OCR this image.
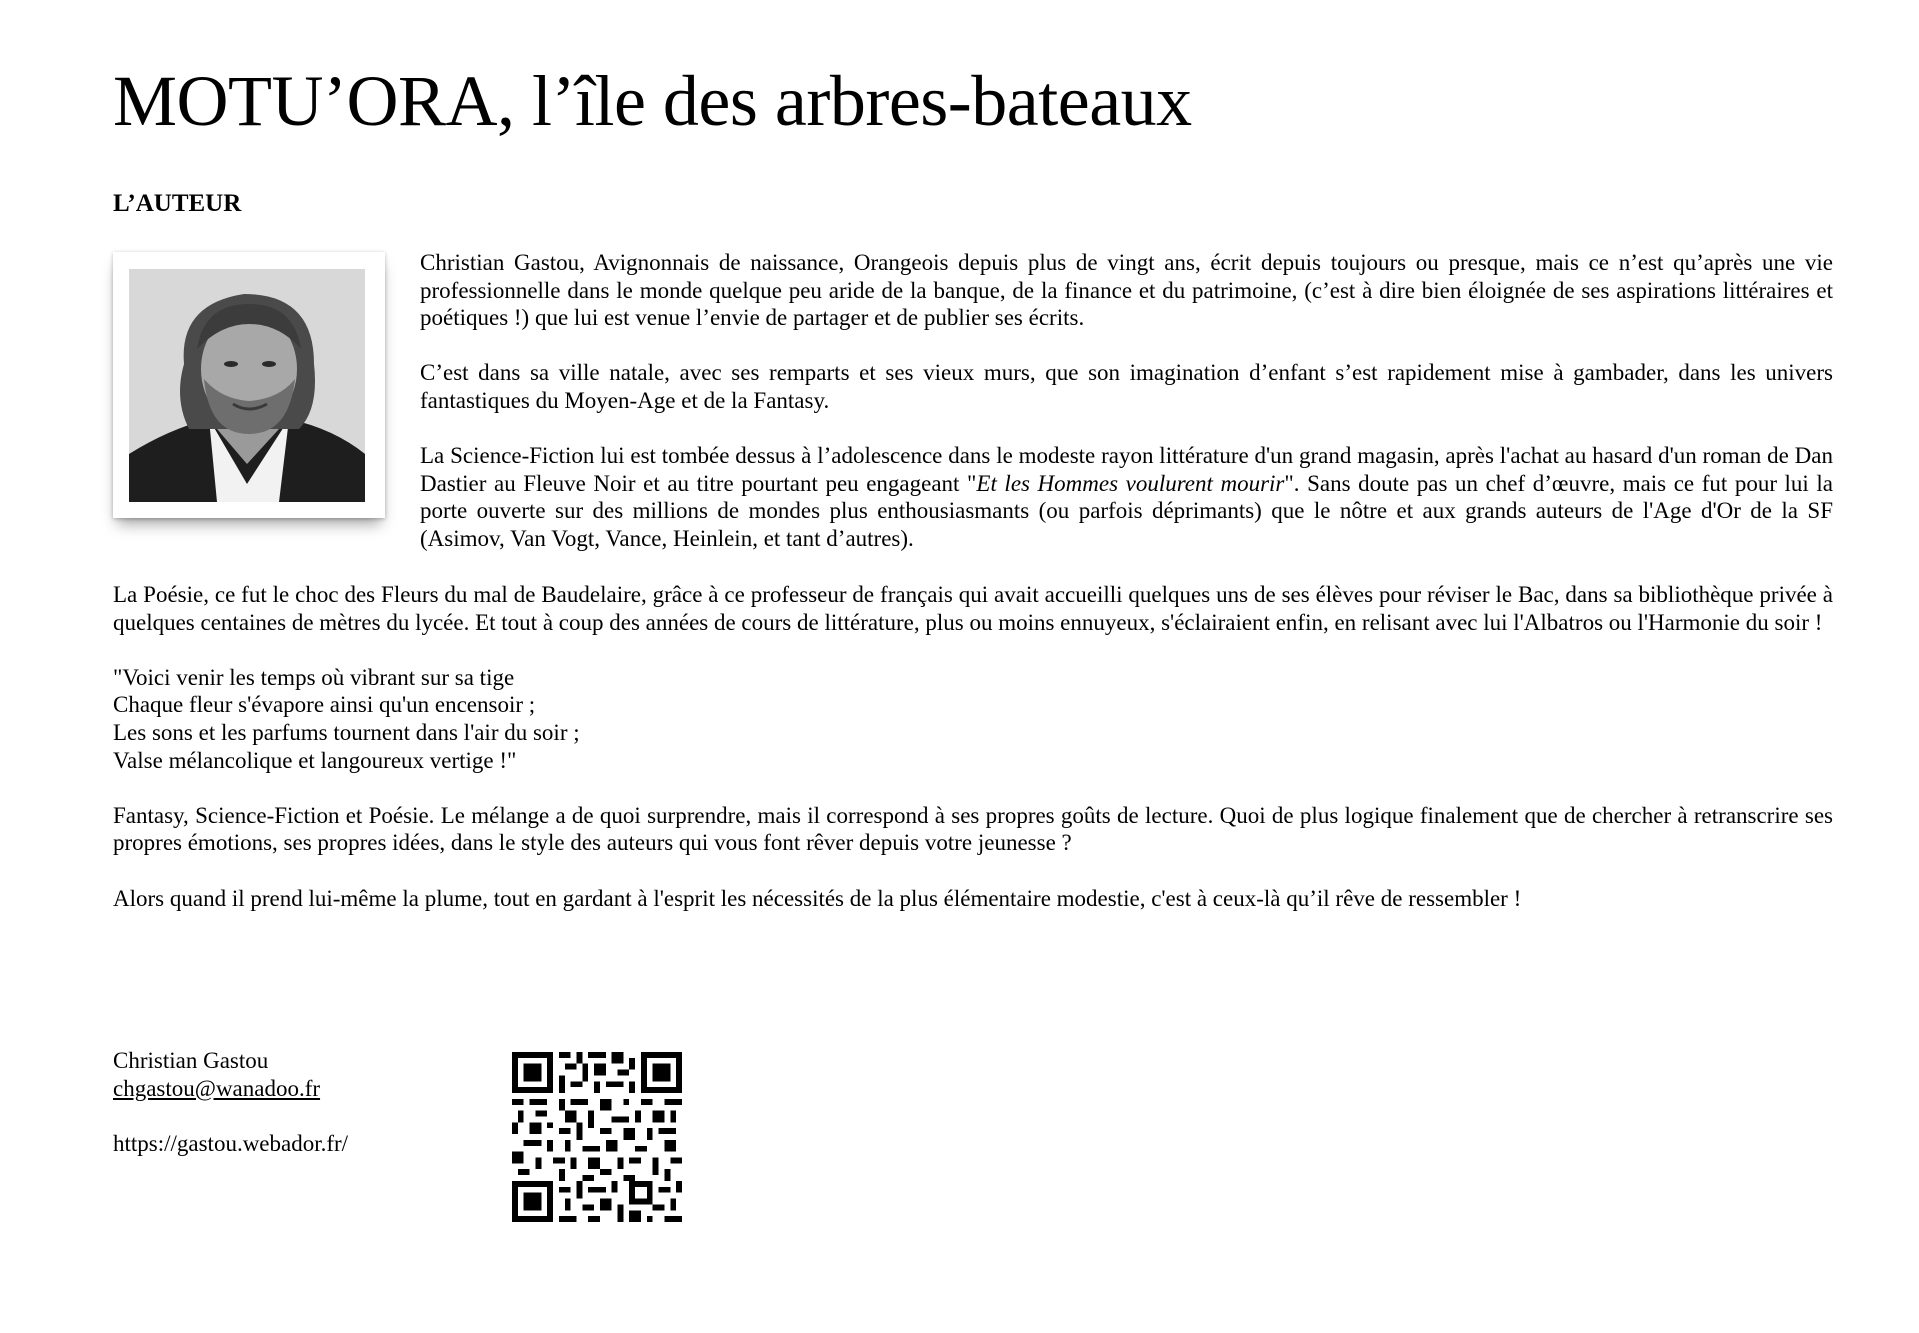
MOTU’ORA, l’île des arbres-bateaux
L’AUTEUR

Christian Gastou, Avignonnais de naissance, Orangeois depuis plus de vingt ans, écrit depuis toujours ou presque, mais ce n’est qu’après une vie professionnelle dans le monde quelque peu aride de la banque, de la finance et du patrimoine, (c’est à dire bien éloignée de ses aspirations littéraires et poétiques !) que lui est venue l’envie de partager et de publier ses écrits.

C’est dans sa ville natale, avec ses remparts et ses vieux murs, que son imagination d’enfant s’est rapidement mise à gambader, dans les univers fantastiques du Moyen-Age et de la Fantasy.

La Science-Fiction lui est tombée dessus à l’adolescence dans le modeste rayon littérature d'un grand magasin, après l'achat au hasard d'un roman de Dan Dastier au Fleuve Noir et au titre pourtant peu engageant "Et les Hommes voulurent mourir". Sans doute pas un chef d’œuvre, mais ce fut pour lui la porte ouverte sur des millions de mondes plus enthousiasmants (ou parfois déprimants) que le nôtre et aux grands auteurs de l'Age d'Or de la SF (Asimov, Van Vogt, Vance, Heinlein, et tant d’autres).

La Poésie, ce fut le choc des Fleurs du mal de Baudelaire, grâce à ce professeur de français qui avait accueilli quelques uns de ses élèves pour réviser le Bac, dans sa bibliothèque privée à quelques centaines de mètres du lycée. Et tout à coup des années de cours de littérature, plus ou moins ennuyeux, s'éclairaient enfin, en relisant avec lui l'Albatros ou l'Harmonie du soir !

"Voici venir les temps où vibrant sur sa tige
Chaque fleur s'évapore ainsi qu'un encensoir ;
Les sons et les parfums tournent dans l'air du soir ;
Valse mélancolique et langoureux vertige !"

Fantasy, Science-Fiction et Poésie. Le mélange a de quoi surprendre, mais il correspond à ses propres goûts de lecture. Quoi de plus logique finalement que de chercher à retranscrire ses propres émotions, ses propres idées, dans le style des auteurs qui vous font rêver depuis votre jeunesse ?

Alors quand il prend lui-même la plume, tout en gardant à l'esprit les nécessités de la plus élémentaire modestie, c'est à ceux-là qu’il rêve de ressembler !

Christian Gastou
chgastou@wanadoo.fr
https://gastou.webador.fr/
